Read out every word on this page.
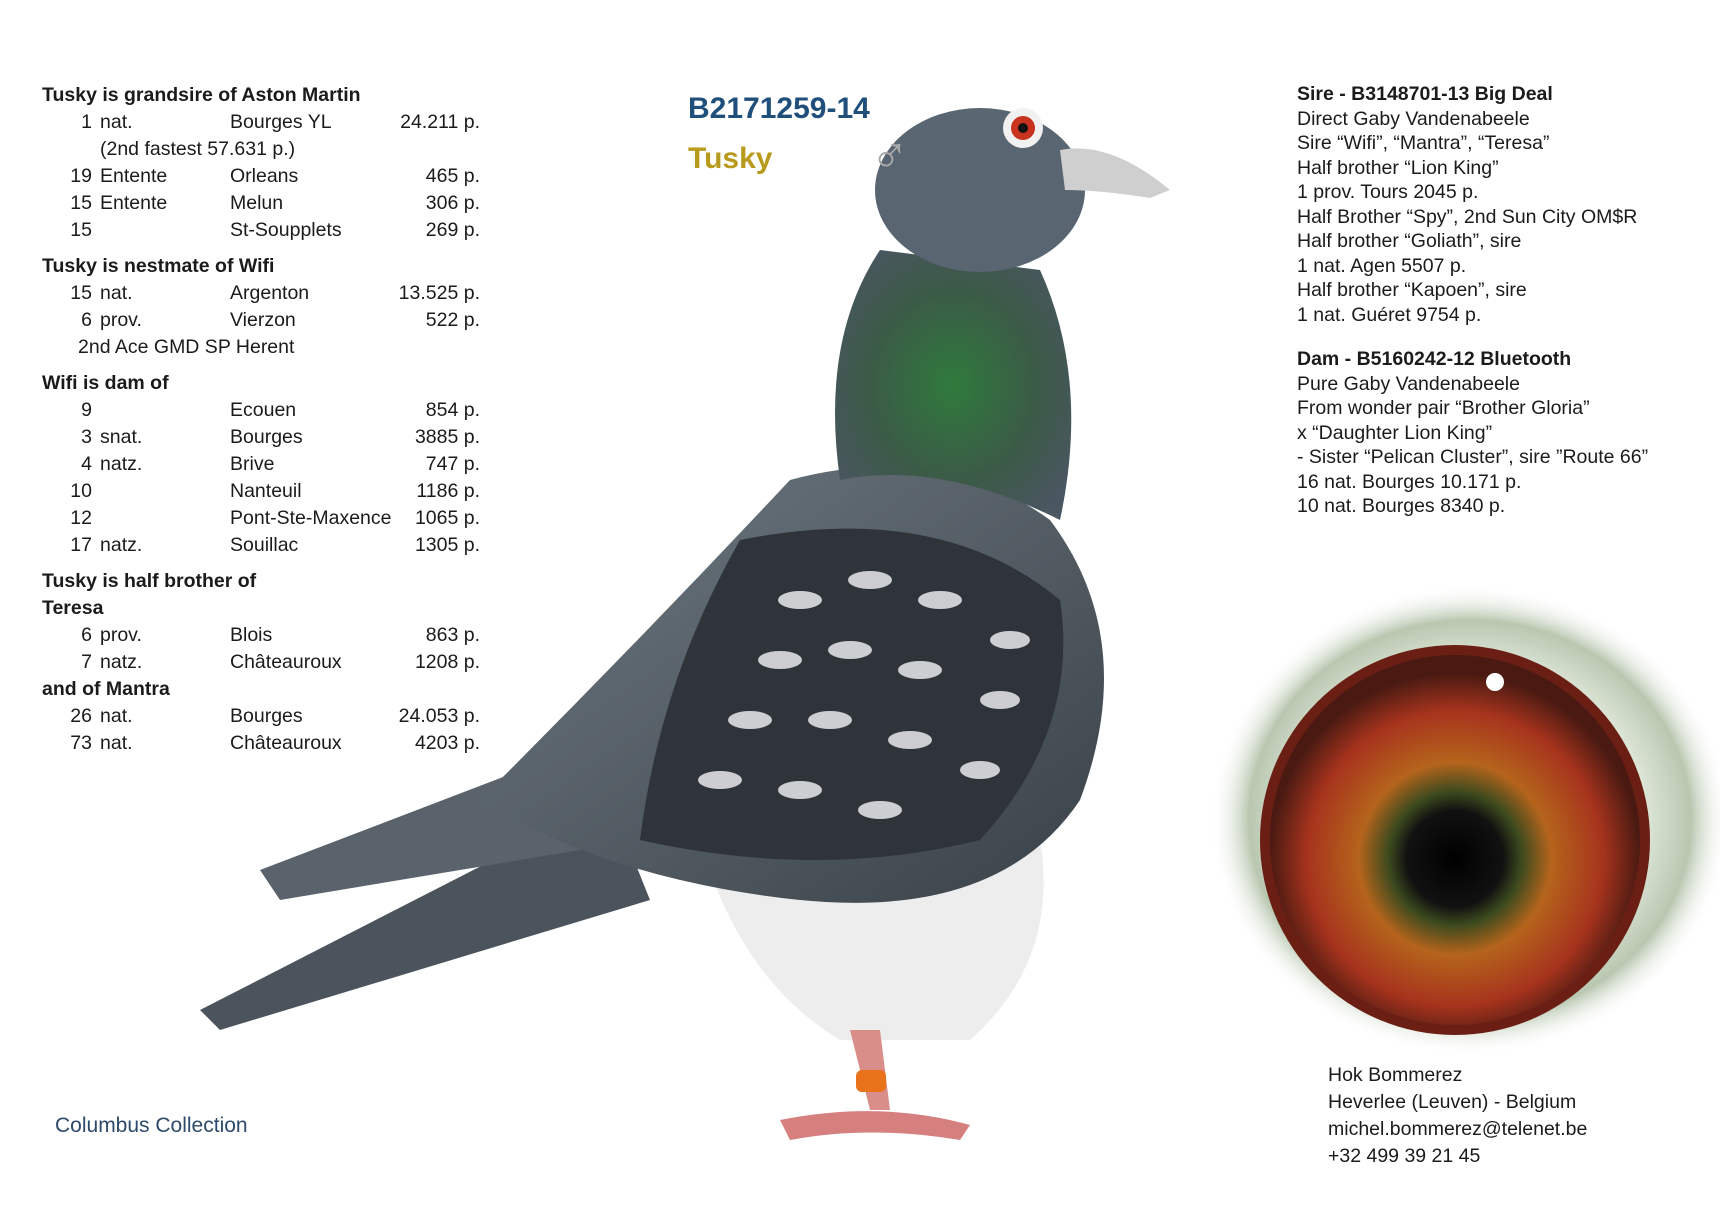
Tusky is grandsire of Aston Martin
1 nat.	Bourges YL	24.211 p.
(2nd fastest 57.631 p.)
19 Entente	Orleans	465 p.
15 Entente	Melun	306 p.
15	St-Soupplets	269 p.
Tusky is nestmate of Wifi
15 nat.	Argenton	13.525 p.
6 prov.	Vierzon	522 p.
2nd Ace GMD SP Herent
Wifi is dam of
9	Ecouen	854 p.
3 snat.	Bourges	3885 p.
4 natz.	Brive	747 p.
10	Nanteuil	1186 p.
12	Pont-Ste-Maxence	1065 p.
17 natz.	Souillac	1305 p.
Tusky is half brother of
Teresa
6 prov.	Blois	863 p.
7 natz.	Châteauroux	1208 p.
and of Mantra
26 nat.	Bourges	24.053 p.
73 nat.	Châteauroux	4203 p.
B2171259-14
Tusky ♂
Sire - B3148701-13 Big Deal
Direct Gaby Vandenabeele
Sire “Wifi”, “Mantra”, “Teresa”
Half brother “Lion King”
1 prov. Tours 2045 p.
Half Brother “Spy”, 2nd Sun City OM$R
Half brother “Goliath”, sire
1 nat. Agen 5507 p.
Half brother “Kapoen”, sire
1 nat. Guéret 9754 p.
Dam - B5160242-12 Bluetooth
Pure Gaby Vandenabeele
From wonder pair “Brother Gloria”
x “Daughter Lion King”
- Sister “Pelican Cluster”, sire ”Route 66”
16 nat. Bourges 10.171 p.
10 nat. Bourges 8340 p.
Hok Bommerez
Heverlee (Leuven) - Belgium
michel.bommerez@telenet.be
+32 499 39 21 45
Columbus Collection
